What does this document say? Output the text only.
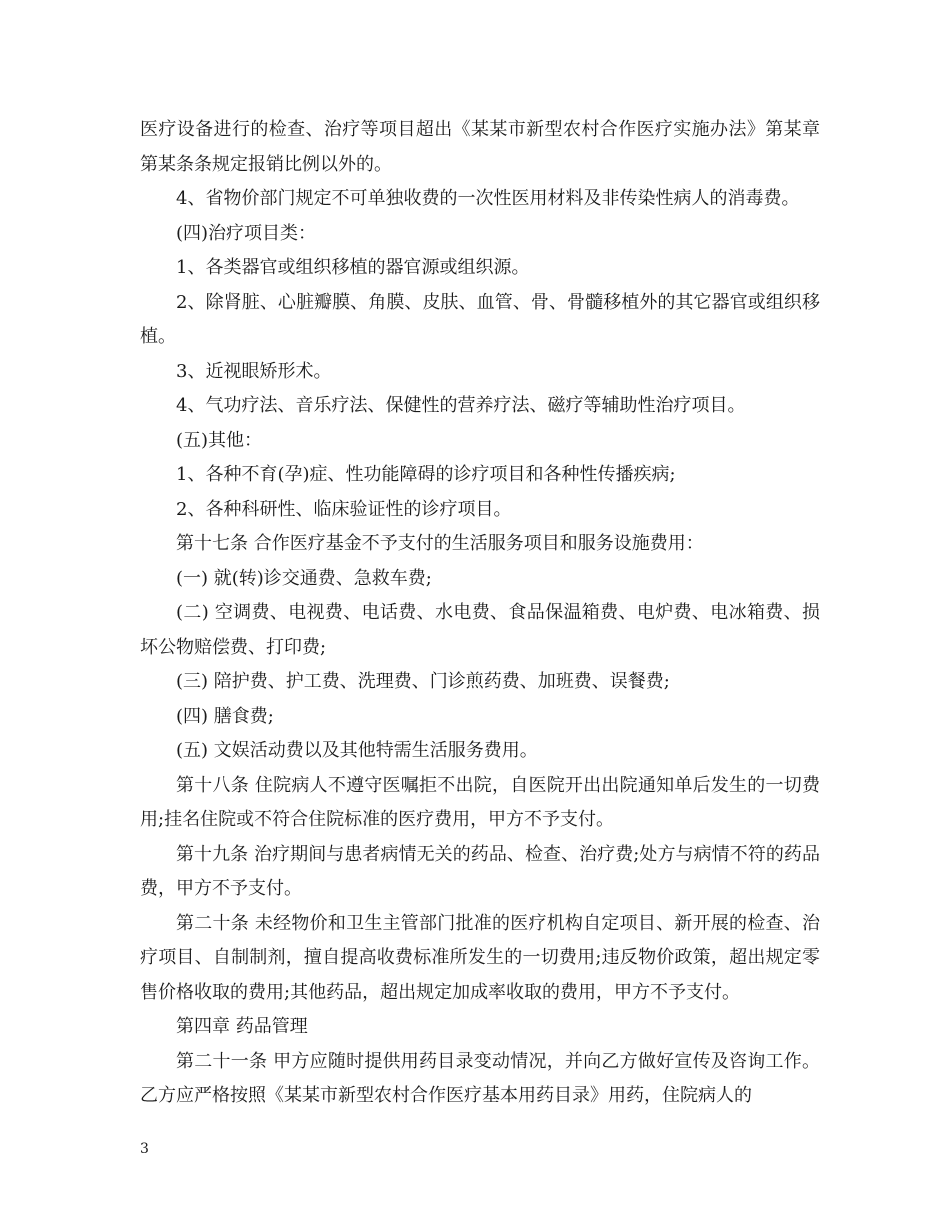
医疗设备进行的检查、治疗等项目超出《某某市新型农村合作医疗实施办法》第某章第某条条规定报销比例以外的。

4、省物价部门规定不可单独收费的一次性医用材料及非传染性病人的消毒费。

(四)治疗项目类：

1、各类器官或组织移植的器官源或组织源。

2、除肾脏、心脏瓣膜、角膜、皮肤、血管、骨、骨髓移植外的其它器官或组织移植。

3、近视眼矫形术。

4、气功疗法、音乐疗法、保健性的营养疗法、磁疗等辅助性治疗项目。

(五)其他：

1、各种不育(孕)症、性功能障碍的诊疗项目和各种性传播疾病;

2、各种科研性、临床验证性的诊疗项目。

第十七条 合作医疗基金不予支付的生活服务项目和服务设施费用：

(一) 就(转)诊交通费、急救车费;

(二) 空调费、电视费、电话费、水电费、食品保温箱费、电炉费、电冰箱费、损坏公物赔偿费、打印费;

(三) 陪护费、护工费、洗理费、门诊煎药费、加班费、误餐费;

(四) 膳食费;

(五) 文娱活动费以及其他特需生活服务费用。

第十八条 住院病人不遵守医嘱拒不出院，自医院开出出院通知单后发生的一切费用;挂名住院或不符合住院标准的医疗费用，甲方不予支付。

第十九条 治疗期间与患者病情无关的药品、检查、治疗费;处方与病情不符的药品费，甲方不予支付。

第二十条 未经物价和卫生主管部门批准的医疗机构自定项目、新开展的检查、治疗项目、自制制剂，擅自提高收费标准所发生的一切费用;违反物价政策，超出规定零售价格收取的费用;其他药品，超出规定加成率收取的费用，甲方不予支付。

第四章 药品管理

第二十一条 甲方应随时提供用药目录变动情况，并向乙方做好宣传及咨询工作。乙方应严格按照《某某市新型农村合作医疗基本用药目录》用药，住院病人的

3
